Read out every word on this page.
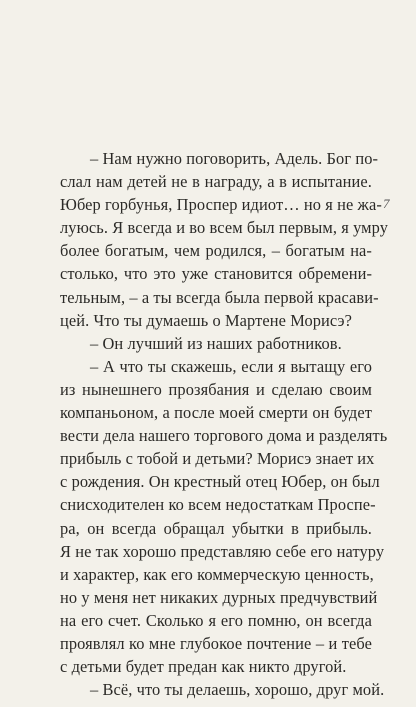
7
– Нам нужно поговорить, Адель. Бог по-
слал нам детей не в награду, а в испытание.
Юбер горбунья, Проспер идиот… но я не жа-
луюсь. Я всегда и во всем был первым, я умру
более богатым, чем родился, – богатым на-
столько, что это уже становится обремени-
тельным, – а ты всегда была первой красави-
цей. Что ты думаешь о Мартене Морисэ?
– Он лучший из наших работников.
– А что ты скажешь, если я вытащу его
из нынешнего прозябания и сделаю своим
компаньоном, а после моей смерти он будет
вести дела нашего торгового дома и разделять
прибыль с тобой и детьми? Морисэ знает их
с рождения. Он крестный отец Юбер, он был
снисходителен ко всем недостаткам Проспе-
ра, он всегда обращал убытки в прибыль.
Я не так хорошо представляю себе его натуру
и характер, как его коммерческую ценность,
но у меня нет никаких дурных предчувствий
на его счет. Сколько я его помню, он всегда
проявлял ко мне глубокое почтение – и тебе
с детьми будет предан как никто другой.
– Всё, что ты делаешь, хорошо, друг мой.
